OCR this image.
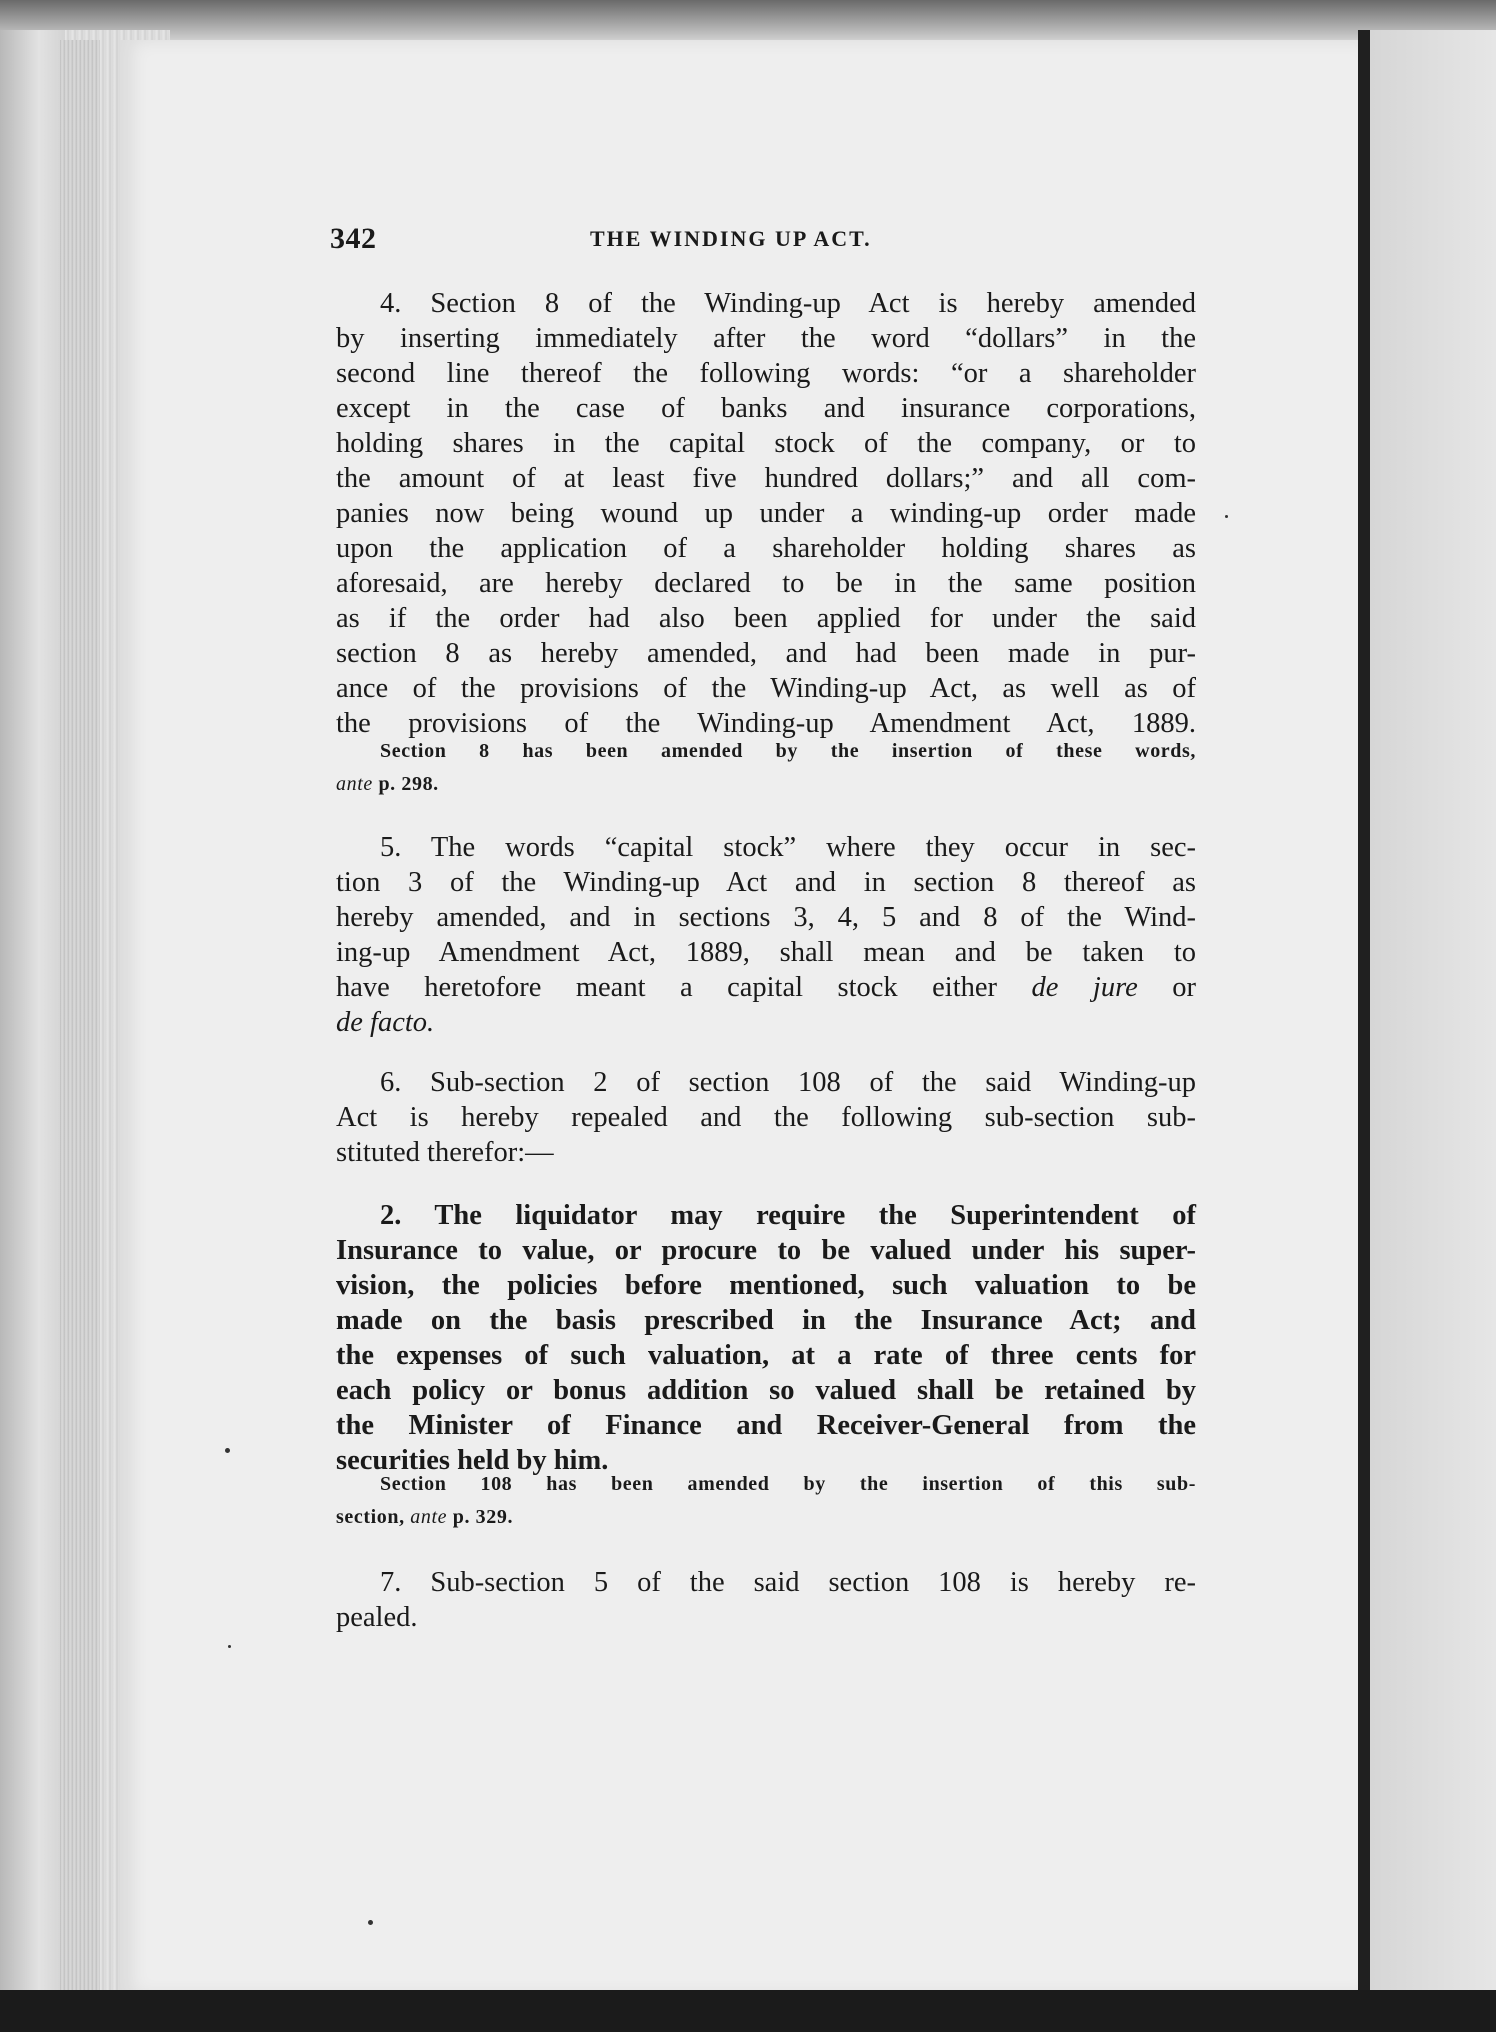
342	THE WINDING UP ACT.
4. Section 8 of the Winding-up Act is hereby amended
by inserting immediately after the word “dollars” in the
second line thereof the following words: “or a shareholder
except in the case of banks and insurance corporations,
holding shares in the capital stock of the company, or to
the amount of at least five hundred dollars;” and all com-
panies now being wound up under a winding-up order made
upon the application of a shareholder holding shares as
aforesaid, are hereby declared to be in the same position
as if the order had also been applied for under the said
section 8 as hereby amended, and had been made in pur-
ance of the provisions of the Winding-up Act, as well as of
the provisions of the Winding-up Amendment Act, 1889.
Section 8 has been amended by the insertion of these words,
ante p. 298.
5. The words “capital stock” where they occur in sec-
tion 3 of the Winding-up Act and in section 8 thereof as
hereby amended, and in sections 3, 4, 5 and 8 of the Wind-
ing-up Amendment Act, 1889, shall mean and be taken to
have heretofore meant a capital stock either de jure or
de facto.
6. Sub-section 2 of section 108 of the said Winding-up
Act is hereby repealed and the following sub-section sub-
stituted therefor:—
2. The liquidator may require the Superintendent of
Insurance to value, or procure to be valued under his super-
vision, the policies before mentioned, such valuation to be
made on the basis prescribed in the Insurance Act; and
the expenses of such valuation, at a rate of three cents for
each policy or bonus addition so valued shall be retained by
the Minister of Finance and Receiver-General from the
securities held by him.
Section 108 has been amended by the insertion of this sub-
section, ante p. 329.
7. Sub-section 5 of the said section 108 is hereby re-
pealed.
